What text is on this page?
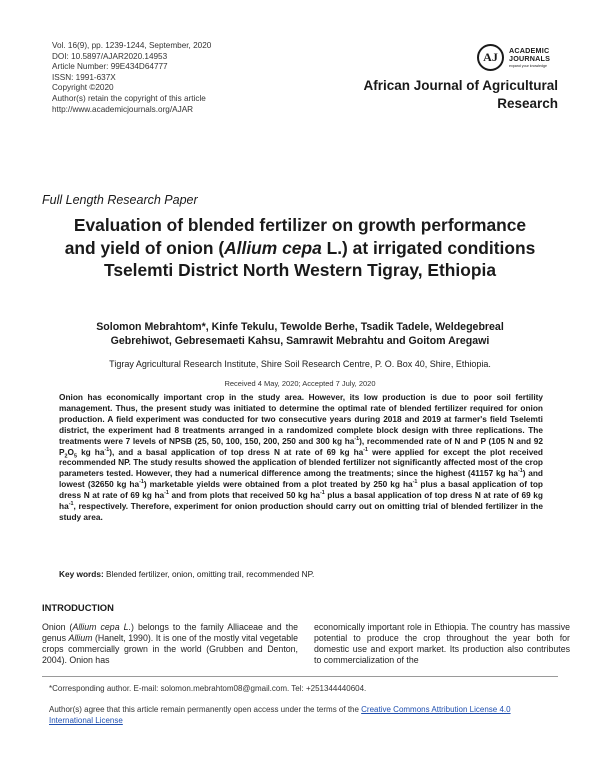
Vol. 16(9), pp. 1239-1244, September, 2020
DOI: 10.5897/AJAR2020.14953
Article Number: 99E434D64777
ISSN: 1991-637X
Copyright ©2020
Author(s) retain the copyright of this article
http://www.academicjournals.org/AJAR
AJ	ACADEMIC
JOURNALS
expand your knowledge
African Journal of Agricultural
Research
Full Length Research Paper
Evaluation of blended fertilizer on growth performance and yield of onion (Allium cepa L.) at irrigated conditions Tselemti District North Western Tigray, Ethiopia
Solomon Mebrahtom*, Kinfe Tekulu, Tewolde Berhe, Tsadik Tadele, Weldegebreal
Gebrehiwot, Gebresemaeti Kahsu, Samrawit Mebrahtu and Goitom Aregawi
Tigray Agricultural Research Institute, Shire Soil Research Centre, P. O. Box 40, Shire, Ethiopia.
Received 4 May, 2020; Accepted 7 July, 2020
Onion has economically important crop in the study area. However, its low production is due to poor soil fertility management. Thus, the present study was initiated to determine the optimal rate of blended fertilizer required for onion production. A field experiment was conducted for two consecutive years during 2018 and 2019 at farmer's field Tselemti district, the experiment had 8 treatments arranged in a randomized complete block design with three replications. The treatments were 7 levels of NPSB (25, 50, 100, 150, 200, 250 and 300 kg $ha^{-1}$), recommended rate of N and P (105 N and 92 $P_2O_5$ kg $ha^{-1}$), and a basal application of top dress N at rate of 69 kg $ha^{-1}$ were applied for except the plot received recommended NP. The study results showed the application of blended fertilizer not significantly affected most of the crop parameters tested. However, they had a numerical difference among the treatments; since the highest (41157 kg $ha^{-1}$) and lowest (32650 kg $ha^{-1}$) marketable yields were obtained from a plot treated by 250 kg $ha^{-1}$ plus a basal application of top dress N at rate of 69 kg $ha^{-1}$ and from plots that received 50 kg $ha^{-1}$ plus a basal application of top dress N at rate of 69 kg $ha^{-1}$, respectively. Therefore, experiment for onion production should carry out on omitting trial of blended fertilizer in the study area.
Key words: Blended fertilizer, onion, omitting trail, recommended NP.
INTRODUCTION
Onion (Allium cepa L.) belongs to the family Alliaceae and the genus Allium (Hanelt, 1990). It is one of the mostly vital vegetable crops commercially grown in the world (Grubben and Denton, 2004). Onion has
economically important role in Ethiopia. The country has massive potential to produce the crop throughout the year both for domestic use and export market. Its production also contributes to commercialization of the
*Corresponding author. E-mail: solomon.mebrahtom08@gmail.com. Tel: +251344440604.
Author(s) agree that this article remain permanently open access under the terms of the Creative Commons Attribution License 4.0 International License
